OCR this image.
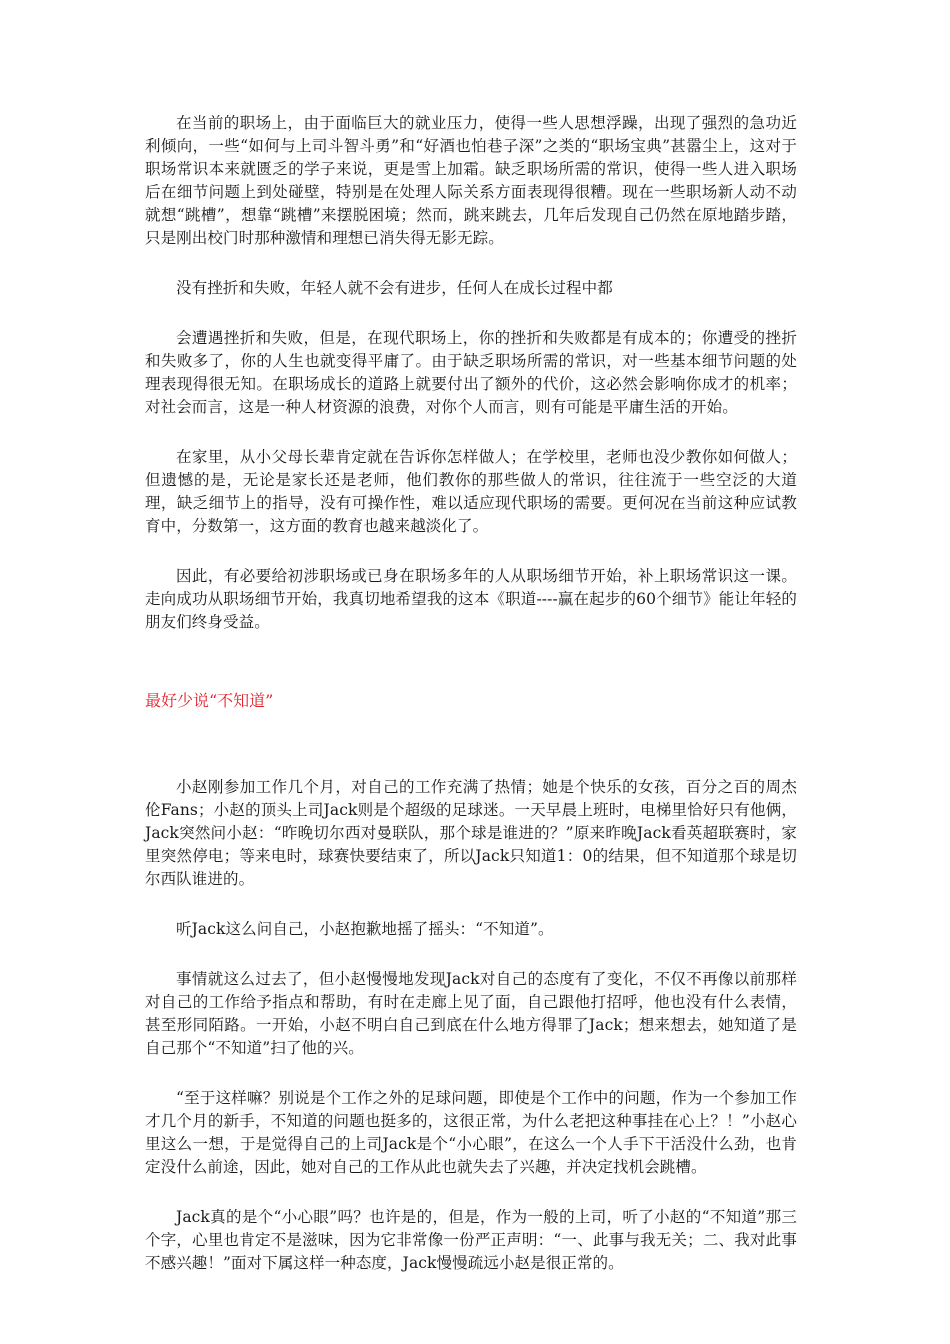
在当前的职场上，由于面临巨大的就业压力，使得一些人思想浮躁，出现了强烈的急功近利倾向，一些“如何与上司斗智斗勇”和“好酒也怕巷子深”之类的“职场宝典”甚嚣尘上，这对于职场常识本来就匮乏的学子来说，更是雪上加霜。缺乏职场所需的常识，使得一些人进入职场后在细节问题上到处碰壁，特别是在处理人际关系方面表现得很糟。现在一些职场新人动不动就想“跳槽”，想靠“跳槽”来摆脱困境；然而，跳来跳去，几年后发现自己仍然在原地踏步踏，只是刚出校门时那种激情和理想已消失得无影无踪。

没有挫折和失败，年轻人就不会有进步，任何人在成长过程中都

会遭遇挫折和失败，但是，在现代职场上，你的挫折和失败都是有成本的；你遭受的挫折和失败多了，你的人生也就变得平庸了。由于缺乏职场所需的常识，对一些基本细节问题的处理表现得很无知。在职场成长的道路上就要付出了额外的代价，这必然会影响你成才的机率；对社会而言，这是一种人材资源的浪费，对你个人而言，则有可能是平庸生活的开始。

在家里，从小父母长辈肯定就在告诉你怎样做人；在学校里，老师也没少教你如何做人；但遗憾的是，无论是家长还是老师，他们教你的那些做人的常识，往往流于一些空泛的大道理，缺乏细节上的指导，没有可操作性，难以适应现代职场的需要。更何况在当前这种应试教育中，分数第一，这方面的教育也越来越淡化了。

因此，有必要给初涉职场或已身在职场多年的人从职场细节开始，补上职场常识这一课。走向成功从职场细节开始，我真切地希望我的这本《职道----赢在起步的60个细节》能让年轻的朋友们终身受益。

最好少说“不知道”

小赵刚参加工作几个月，对自己的工作充满了热情；她是个快乐的女孩，百分之百的周杰伦Fans；小赵的顶头上司Jack则是个超级的足球迷。一天早晨上班时，电梯里恰好只有他俩，Jack突然问小赵：“昨晚切尔西对曼联队，那个球是谁进的？”原来昨晚Jack看英超联赛时，家里突然停电；等来电时，球赛快要结束了，所以Jack只知道1：0的结果，但不知道那个球是切尔西队谁进的。

听Jack这么问自己，小赵抱歉地摇了摇头：“不知道”。

事情就这么过去了，但小赵慢慢地发现Jack对自己的态度有了变化，不仅不再像以前那样对自己的工作给予指点和帮助，有时在走廊上见了面，自己跟他打招呼，他也没有什么表情，甚至形同陌路。一开始，小赵不明白自己到底在什么地方得罪了Jack；想来想去，她知道了是自己那个“不知道”扫了他的兴。

“至于这样嘛？别说是个工作之外的足球问题，即使是个工作中的问题，作为一个参加工作才几个月的新手，不知道的问题也挺多的，这很正常，为什么老把这种事挂在心上？！”小赵心里这么一想，于是觉得自己的上司Jack是个“小心眼”，在这么一个人手下干活没什么劲，也肯定没什么前途，因此，她对自己的工作从此也就失去了兴趣，并决定找机会跳槽。

Jack真的是个“小心眼”吗？也许是的，但是，作为一般的上司，听了小赵的“不知道”那三个字，心里也肯定不是滋味，因为它非常像一份严正声明：“一、此事与我无关；二、我对此事不感兴趣！”面对下属这样一种态度，Jack慢慢疏远小赵是很正常的。
